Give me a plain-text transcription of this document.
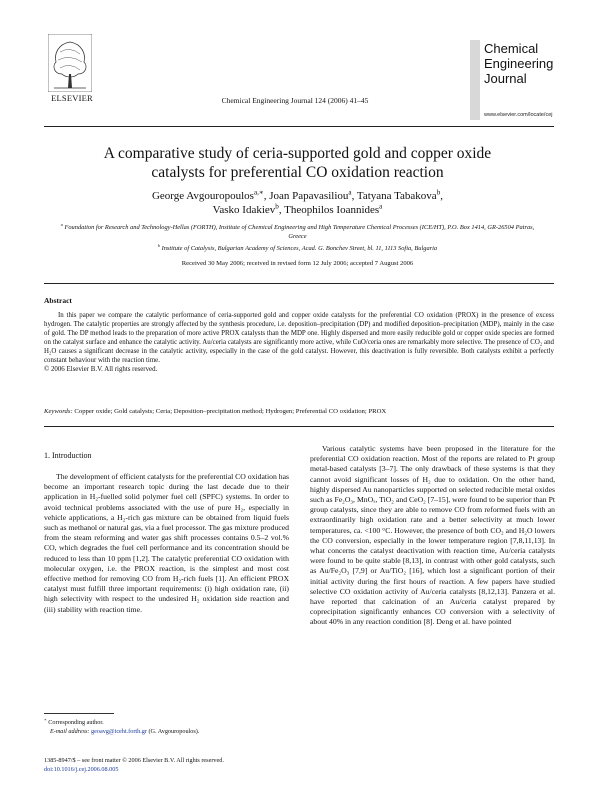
ELSEVIER	Chemical Engineering Journal 124 (2006) 41–45
Chemical
Engineering
Journal
www.elsevier.com/locate/cej
A comparative study of ceria-supported gold and copper oxide
catalysts for preferential CO oxidation reaction
George Avgouropoulos$^{a,∗}$, Joan Papavasiliou$^a$, Tatyana Tabakova$^b$,
Vasko Idakiev$^b$, Theophilos Ioannides$^a$
$^a$ Foundation for Research and Technology-Hellas (FORTH), Institute of Chemical Engineering and High Temperature Chemical Processes (ICE/HT), P.O. Box 1414, GR-26504 Patras, Greece
$^b$ Institute of Catalysis, Bulgarian Academy of Sciences, Acad. G. Bonchev Street, bl. 11, 1113 Sofia, Bulgaria
Received 30 May 2006; received in revised form 12 July 2006; accepted 7 August 2006
Abstract
In this paper we compare the catalytic performance of ceria-supported gold and copper oxide catalysts for the preferential CO oxidation (PROX) in the presence of excess hydrogen. The catalytic properties are strongly affected by the synthesis procedure, i.e. deposition–precipitation (DP) and modified deposition–precipitation (MDP), mainly in the case of gold. The DP method leads to the preparation of more active PROX catalysts than the MDP one. Highly dispersed and more easily reducible gold or copper oxide species are formed on the catalyst surface and enhance the catalytic activity. Au/ceria catalysts are significantly more active, while CuO/ceria ones are remarkably more selective. The presence of CO₂ and H₂O causes a significant decrease in the catalytic activity, especially in the case of the gold catalyst. However, this deactivation is fully reversible. Both catalysts exhibit a perfectly constant behaviour with the reaction time.
© 2006 Elsevier B.V. All rights reserved.
Keywords: Copper oxide; Gold catalysts; Ceria; Deposition–precipitation method; Hydrogen; Preferential CO oxidation; PROX
1. Introduction

The development of efficient catalysts for the preferential CO oxidation has become an important research topic during the last decade due to their application in H₂-fuelled solid polymer fuel cell (SPFC) systems. In order to avoid technical problems associated with the use of pure H₂, especially in vehicle applications, a H₂-rich gas mixture can be obtained from liquid fuels such as methanol or natural gas, via a fuel processor. The gas mixture produced from the steam reforming and water gas shift processes contains 0.5–2 vol.% CO, which degrades the fuel cell performance and its concentration should be reduced to less than 10 ppm [1,2]. The catalytic preferential CO oxidation with molecular oxygen, i.e. the PROX reaction, is the simplest and most cost effective method for removing CO from H₂-rich fuels [1]. An efficient PROX catalyst must fulfill three important requirements: (i) high oxidation rate, (ii) high selectivity with respect to the undesired H₂ oxidation side reaction and (iii) stability with reaction time.

Various catalytic systems have been proposed in the literature for the preferential CO oxidation reaction. Most of the reports are related to Pt group metal-based catalysts [3–7]. The only drawback of these systems is that they cannot avoid significant losses of H₂ due to oxidation. On the other hand, highly dispersed Au nanoparticles supported on selected reducible metal oxides such as Fe₂O₃, MnOₓ, TiO₂ and CeO₂ [7–15], were found to be superior than Pt group catalysts, since they are able to remove CO from reformed fuels with an extraordinarily high oxidation rate and a better selectivity at much lower temperatures, ca. <100 °C. However, the presence of both CO₂ and H₂O lowers the CO conversion, especially in the lower temperature region [7,8,11,13]. In what concerns the catalyst deactivation with reaction time, Au/ceria catalysts were found to be quite stable [8,13], in contrast with other gold catalysts, such as Au/Fe₂O₃ [7,9] or Au/TiO₂ [16], which lost a significant portion of their initial activity during the first hours of reaction. A few papers have studied selective CO oxidation activity of Au/ceria catalysts [8,12,13]. Panzera et al. have reported that calcination of an Au/ceria catalyst prepared by coprecipitation significantly enhances CO conversion with a selectivity of about 40% in any reaction condition [8]. Deng et al. have pointed

∗ Corresponding author.
E-mail address: geoavg@iceht.forth.gr (G. Avgouropoulos).
1385-8947/$ – see front matter © 2006 Elsevier B.V. All rights reserved.
doi:10.1016/j.cej.2006.08.005
